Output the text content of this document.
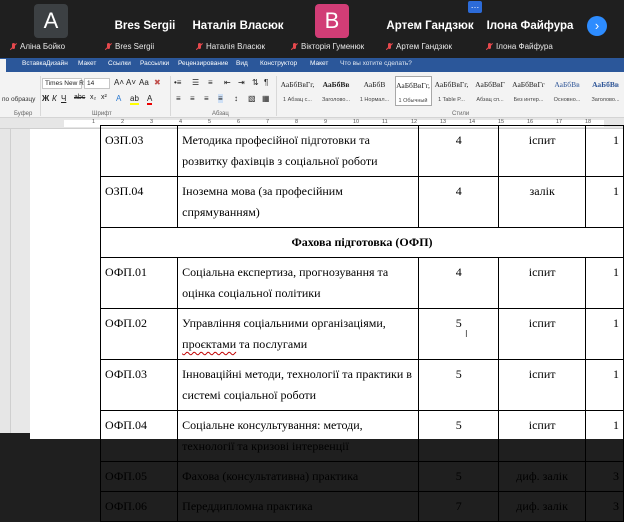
A
Аліна Бойко
Bres Sergii
Bres Sergii
Наталія Власюк
Наталія Власюк
В
Вікторія Гуменюк
Артем Гандзюк
Артем Гандзюк
…
Ілона Файфура
Ілона Файфура
›
Вставка Дизайн Макет Ссылки Рассылки Рецензирование Вид Конструктор Макет Что вы хотите сделать?
по образцу
Буфер
Times New R 14	A˄ A˅ Aa ✖
Ж К Ч abc x₂ x² A ab A
Шрифт
•≡ ☰ ≡ ⇤ ⇥ ⇅ ¶
≡ ≡ ≡ ≡ ↕ ▧ ▦
Абзац
АаБбВвГг,
1 Абзац с...
АаБбВв
Заголово...
АаБбВ
1 Нормал...
АаБбВвГг,
1 Обычный
АаБбВвГг,
1 Table P...
АаБбВвГ
Абзац сп...
АаБбВвГг
Без интер...
АаБбВв
Основно...
АаБбВв
Заголово...
Стили
1	2	3	4	5	6	7	8	9	10	11	12	13	14	15	16	17	18
ОЗП.03	Методика професійної підготовки та розвитку фахівців з соціальної роботи	4	іспит	1
ОЗП.04	Іноземна мова (за професійним спрямуванням)	4	залік	1
Фахова підготовка (ОФП)				
ОФП.01	Соціальна експертиза, прогнозування та оцінка соціальної політики	4	іспит	1
ОФП.02	Управління соціальними організаціями, проєктами та послугами	5	іспит	1
ОФП.03	Інноваційні методи, технології та практики в системі соціальної роботи	5	іспит	1
ОФП.04	Соціальне консультування: методи, технології та кризові інтервенції	5	іспит	1
ОФП.05	Фахова (консультативна) практика	5	диф. залік	3
ОФП.06	Переддипломна практика	7	диф. залік	3
I
